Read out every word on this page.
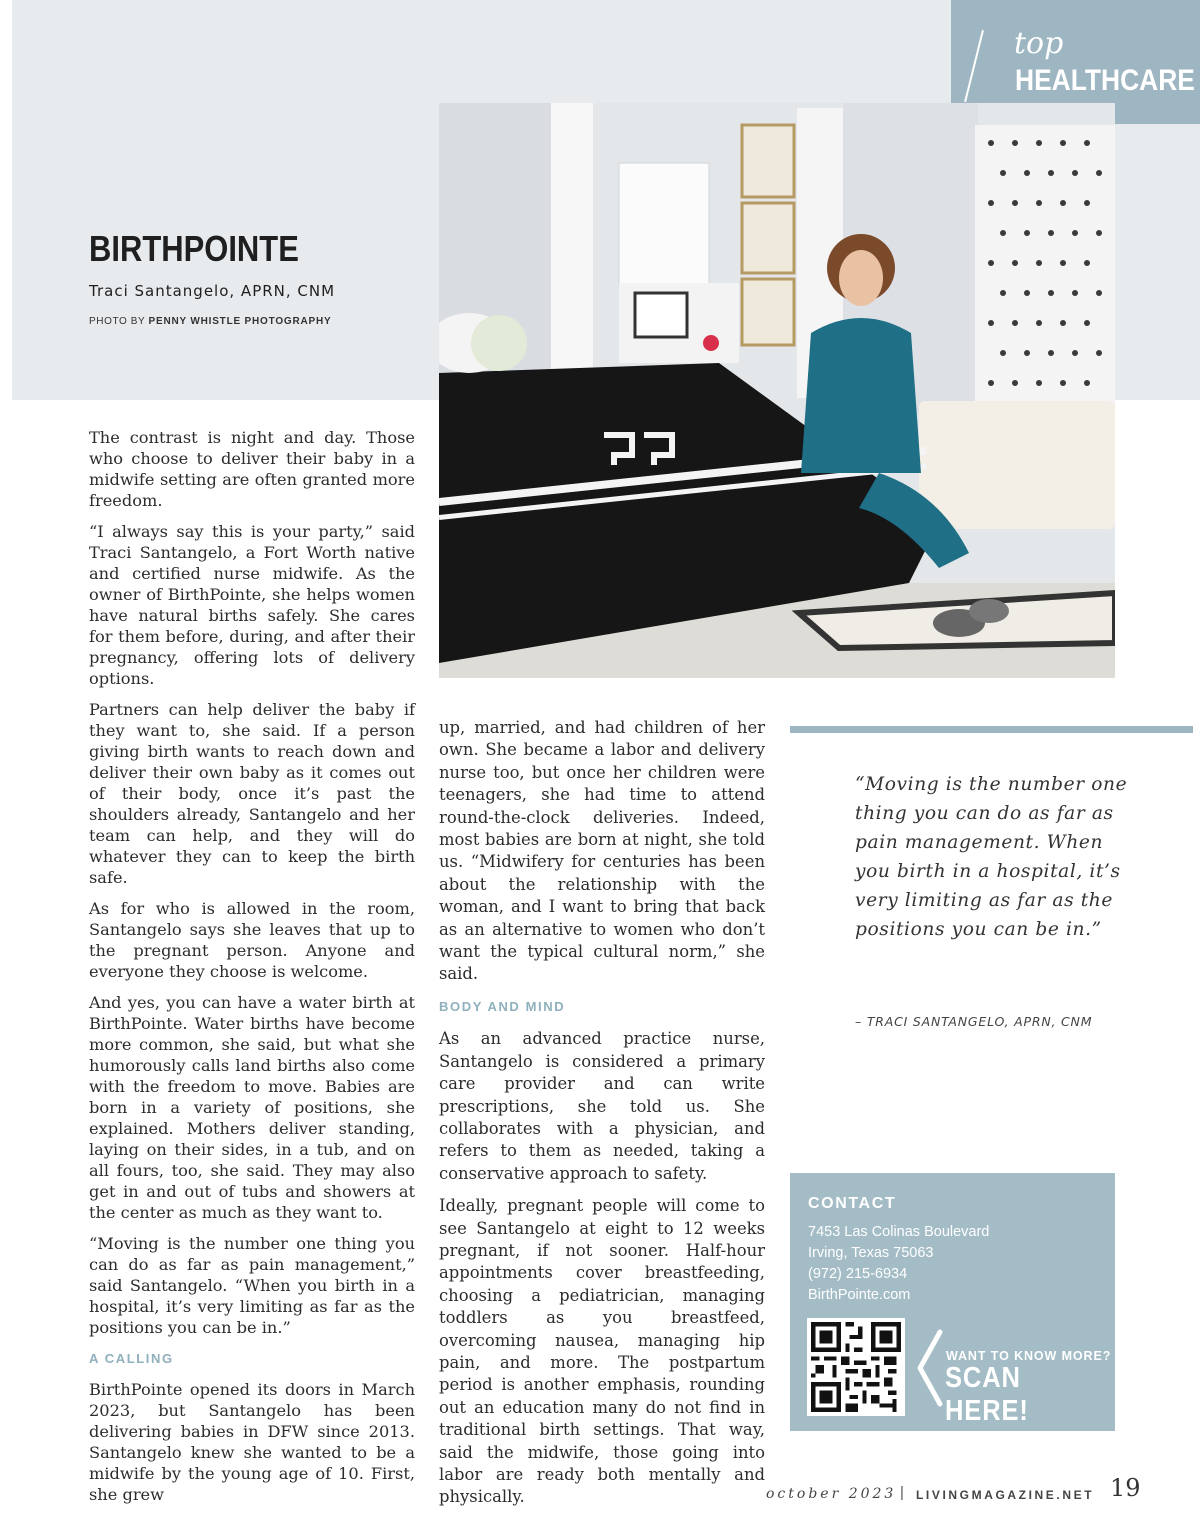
top
HEALTHCARE
BIRTHPOINTE
Traci Santangelo, APRN, CNM
PHOTO BY PENNY WHISTLE PHOTOGRAPHY

The contrast is night and day. Those who choose to deliver their baby in a midwife setting are often granted more freedom.

“I always say this is your party,” said Traci Santangelo, a Fort Worth native and certified nurse midwife. As the owner of BirthPointe, she helps women have natural births safely. She cares for them before, during, and after their pregnancy, offering lots of delivery options.

Partners can help deliver the baby if they want to, she said. If a person giving birth wants to reach down and deliver their own baby as it comes out of their body, once it’s past the shoulders already, Santangelo and her team can help, and they will do whatever they can to keep the birth safe.

As for who is allowed in the room, Santangelo says she leaves that up to the pregnant person. Anyone and everyone they choose is welcome.

And yes, you can have a water birth at BirthPointe. Water births have become more common, she said, but what she humorously calls land births also come with the freedom to move. Babies are born in a variety of positions, she explained. Mothers deliver standing, laying on their sides, in a tub, and on all fours, too, she said. They may also get in and out of tubs and showers at the center as much as they want to.

“Moving is the number one thing you can do as far as pain management,” said Santangelo. “When you birth in a hospital, it’s very limiting as far as the positions you can be in.”

A CALLING

BirthPointe opened its doors in March 2023, but Santangelo has been delivering babies in DFW since 2013. Santangelo knew she wanted to be a midwife by the young age of 10. First, she grew

up, married, and had children of her own. She became a labor and delivery nurse too, but once her children were teenagers, she had time to attend round-the-clock deliveries. Indeed, most babies are born at night, she told us. “Midwifery for centuries has been about the relationship with the woman, and I want to bring that back as an alternative to women who don’t want the typical cultural norm,” she said.

BODY AND MIND

As an advanced practice nurse, Santangelo is considered a primary care provider and can write prescriptions, she told us. She collaborates with a physician, and refers to them as needed, taking a conservative approach to safety.

Ideally, pregnant people will come to see Santangelo at eight to 12 weeks pregnant, if not sooner. Half-hour appointments cover breastfeeding, choosing a pediatrician, managing toddlers as you breastfeed, overcoming nausea, managing hip pain, and more. The postpartum period is another emphasis, rounding out an education many do not find in traditional birth settings. That way, said the midwife, those going into labor are ready both mentally and physically.

“Moving is the number one thing you can do as far as pain management. When you birth in a hospital, it’s very limiting as far as the positions you can be in.”
– TRACI SANTANGELO, APRN, CNM
CONTACT
7453 Las Colinas Boulevard
Irving, Texas 75063
(972) 215-6934
BirthPointe.com
WANT TO KNOW MORE?
SCAN HERE!
october 2023 | LIVINGMAGAZINE.NET 19
